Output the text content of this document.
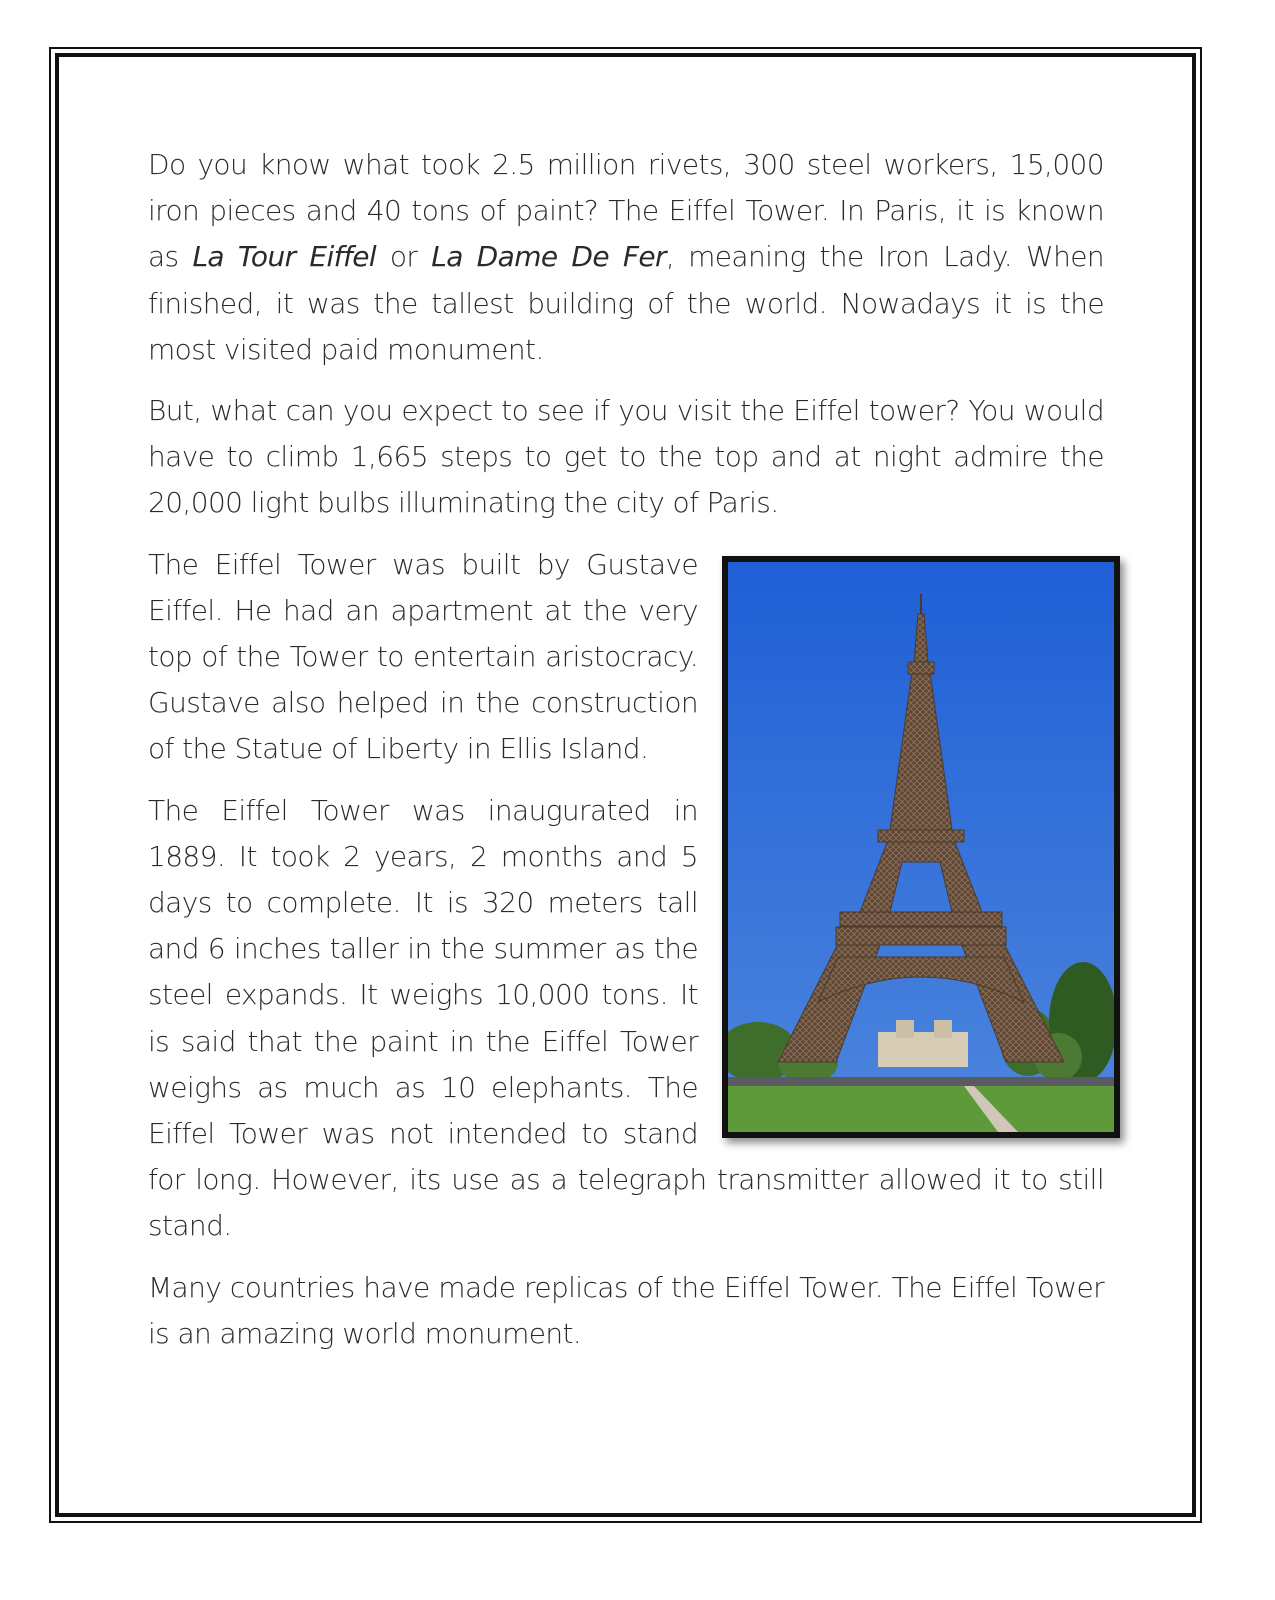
Do you know what took 2.5 million rivets, 300 steel workers, 15,000 iron pieces and 40 tons of paint? The Eiffel Tower. In Paris, it is known as La Tour Eiffel or La Dame De Fer, meaning the Iron Lady. When finished, it was the tallest building of the world. Nowadays it is the most visited paid monument.

But, what can you expect to see if you visit the Eiffel tower? You would have to climb 1,665 steps to get to the top and at night admire the 20,000 light bulbs illuminating the city of Paris.

The Eiffel Tower was built by Gustave Eiffel. He had an apartment at the very top of the Tower to entertain aristocracy. Gustave also helped in the construction of the Statue of Liberty in Ellis Island.

The Eiffel Tower was inaugurated in 1889. It took 2 years, 2 months and 5 days to complete. It is 320 meters tall and 6 inches taller in the summer as the steel expands. It weighs 10,000 tons. It is said that the paint in the Eiffel Tower weighs as much as 10 elephants. The Eiffel Tower was not intended to stand for long. However, its use as a telegraph transmitter allowed it to still stand.

Many countries have made replicas of the Eiffel Tower. The Eiffel Tower is an amazing world monument.
